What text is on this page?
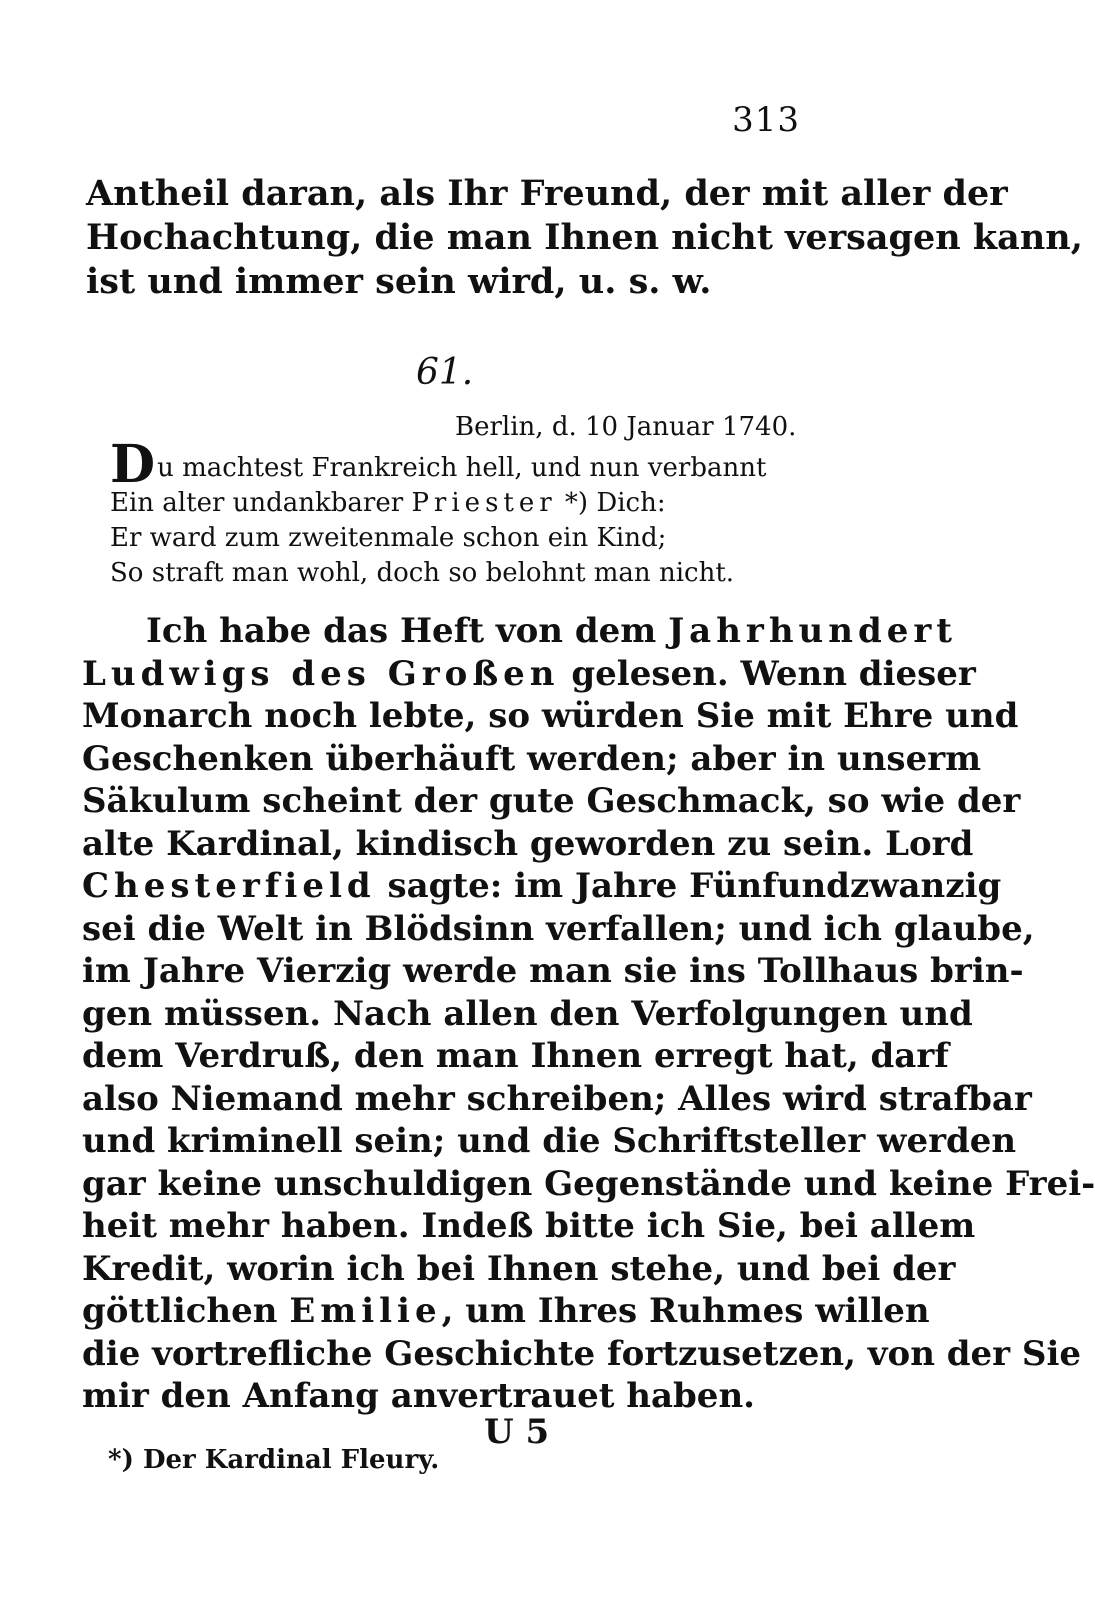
313
Antheil daran, als Ihr Freund, der mit aller der
Hochachtung, die man Ihnen nicht versagen kann,
ist und immer sein wird, u. s. w.
61.
Berlin, d. 10 Januar 1740.
Du machtest Frankreich hell, und nun verbannt
Ein alter undankbarer Priester *) Dich:
Er ward zum zweitenmale schon ein Kind;
So straft man wohl, doch so belohnt man nicht.
Ich habe das Heft von dem Jahrhundert
Ludwigs des Großen gelesen. Wenn dieser
Monarch noch lebte, so würden Sie mit Ehre und
Geschenken überhäuft werden; aber in unserm
Säkulum scheint der gute Geschmack, so wie der
alte Kardinal, kindisch geworden zu sein. Lord
Chesterfield sagte: im Jahre Fünfundzwanzig
sei die Welt in Blödsinn verfallen; und ich glaube,
im Jahre Vierzig werde man sie ins Tollhaus brin-
gen müssen. Nach allen den Verfolgungen und
dem Verdruß, den man Ihnen erregt hat, darf
also Niemand mehr schreiben; Alles wird strafbar
und kriminell sein; und die Schriftsteller werden
gar keine unschuldigen Gegenstände und keine Frei-
heit mehr haben. Indeß bitte ich Sie, bei allem
Kredit, worin ich bei Ihnen stehe, und bei der
göttlichen Emilie, um Ihres Ruhmes willen
die vortrefliche Geschichte fortzusetzen, von der Sie
mir den Anfang anvertrauet haben.
U 5
*) Der Kardinal Fleury.
